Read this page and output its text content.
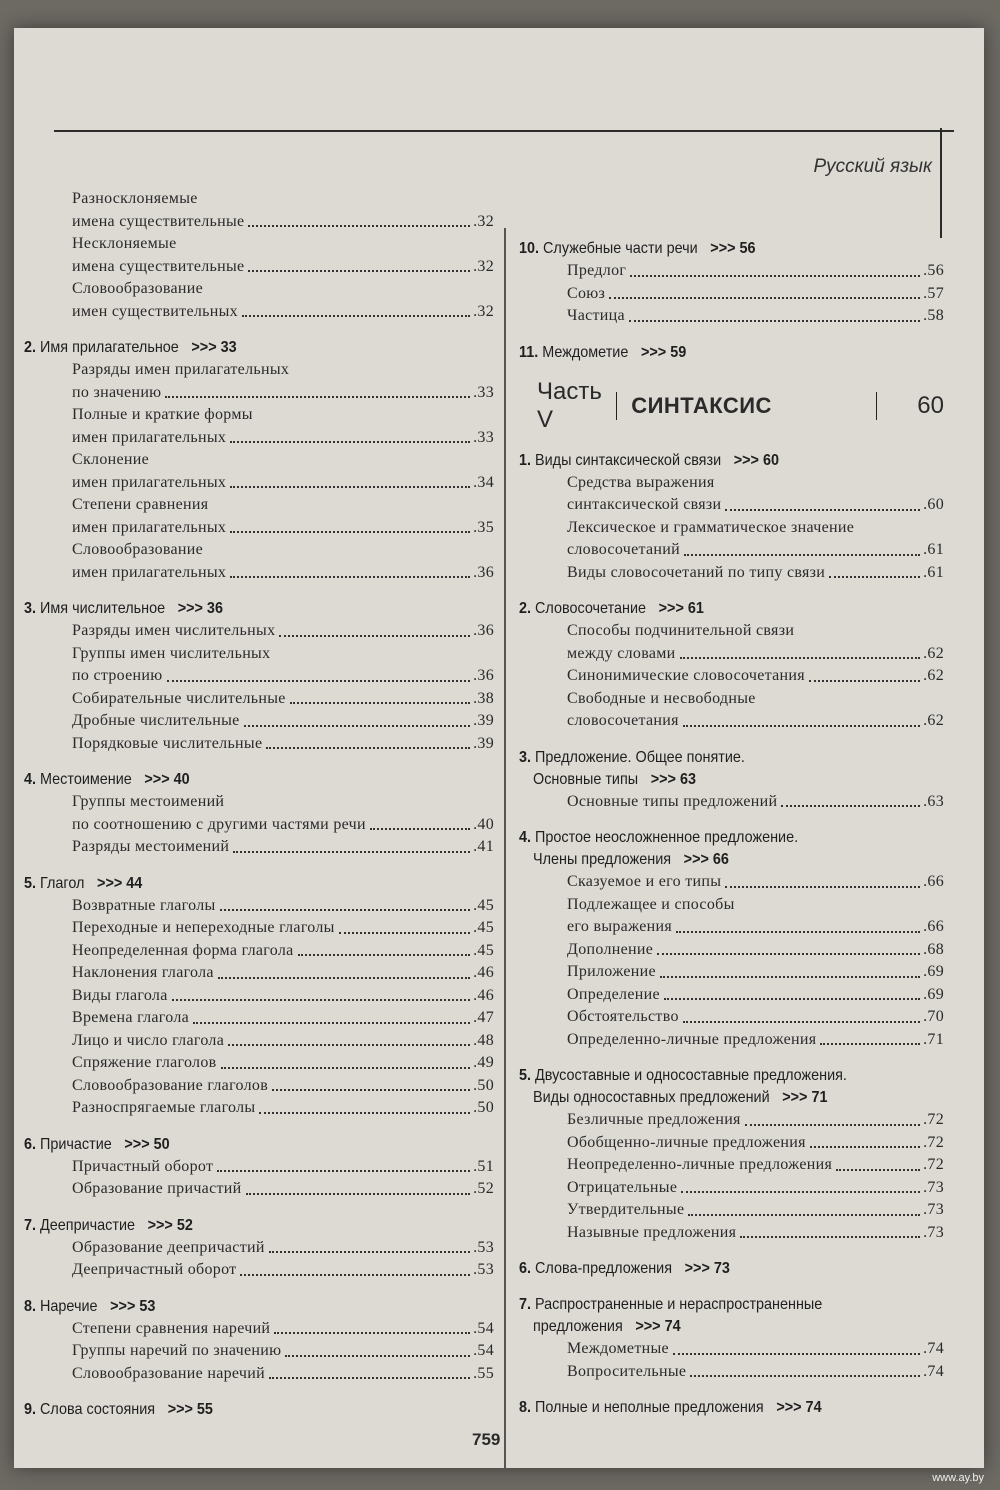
Русский язык
Разносклоняемые
имена существительные	.32
Несклоняемые
имена существительные	.32
Словообразование
имен существительных	.32
2. Имя прилагательное >>> 33
Разряды имен прилагательных
по значению	.33
Полные и краткие формы
имен прилагательных	.33
Склонение
имен прилагательных	.34
Степени сравнения
имен прилагательных	.35
Словообразование
имен прилагательных	.36
3. Имя числительное >>> 36
Разряды имен числительных	.36
Группы имен числительных
по строению	.36
Собирательные числительные	.38
Дробные числительные	.39
Порядковые числительные	.39
4. Местоимение >>> 40
Группы местоимений
по соотношению с другими частями речи	.40
Разряды местоимений	.41
5. Глагол >>> 44
Возвратные глаголы	.45
Переходные и непереходные глаголы	.45
Неопределенная форма глагола	.45
Наклонения глагола	.46
Виды глагола	.46
Времена глагола	.47
Лицо и число глагола	.48
Спряжение глаголов	.49
Словообразование глаголов	.50
Разноспрягаемые глаголы	.50
6. Причастие >>> 50
Причастный оборот	.51
Образование причастий	.52
7. Деепричастие >>> 52
Образование деепричастий	.53
Деепричастный оборот	.53
8. Наречие >>> 53
Степени сравнения наречий	.54
Группы наречий по значению	.54
Словообразование наречий	.55
9. Слова состояния >>> 55
10. Служебные части речи >>> 56
Предлог	.56
Союз	.57
Частица	.58
11. Междометие >>> 59
Часть V
СИНТАКСИС	60
1. Виды синтаксической связи >>> 60
Средства выражения
синтаксической связи	.60
Лексическое и грамматическое значение
словосочетаний	.61
Виды словосочетаний по типу связи	.61
2. Словосочетание >>> 61
Способы подчинительной связи
между словами	.62
Синонимические словосочетания	.62
Свободные и несвободные
словосочетания	.62
3. Предложение. Общее понятие.
Основные типы >>> 63
Основные типы предложений	.63
4. Простое неосложненное предложение.
Члены предложения >>> 66
Сказуемое и его типы	.66
Подлежащее и способы
его выражения	.66
Дополнение	.68
Приложение	.69
Определение	.69
Обстоятельство	.70
Определенно-личные предложения	.71
5. Двусоставные и односоставные предложения.
Виды односоставных предложений >>> 71
Безличные предложения	.72
Обобщенно-личные предложения	.72
Неопределенно-личные предложения	.72
Отрицательные	.73
Утвердительные	.73
Назывные предложения	.73
6. Слова-предложения >>> 73
7. Распространенные и нераспространенные
предложения >>> 74
Междометные	.74
Вопросительные	.74
8. Полные и неполные предложения >>> 74
759
www.ay.by
